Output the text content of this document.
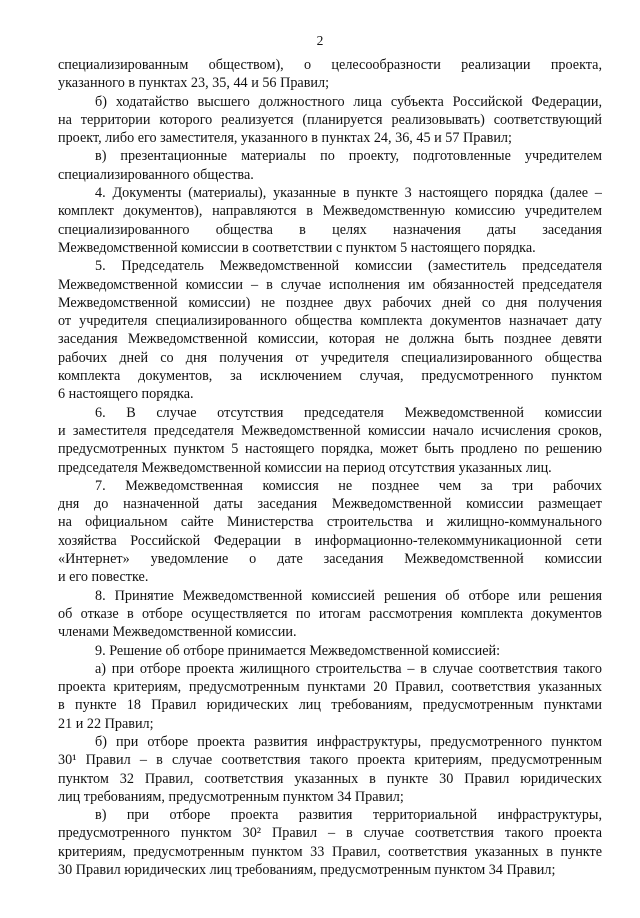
2
специализированным обществом), о целесообразности реализации проекта,
указанного в пунктах 23, 35, 44 и 56 Правил;
б) ходатайство высшего должностного лица субъекта Российской Федерации,
на территории которого реализуется (планируется реализовывать) соответствующий
проект, либо его заместителя, указанного в пунктах 24, 36, 45 и 57 Правил;
в) презентационные материалы по проекту, подготовленные учредителем
специализированного общества.
4. Документы (материалы), указанные в пункте 3 настоящего порядка (далее –
комплект документов), направляются в Межведомственную комиссию учредителем
специализированного общества в целях назначения даты заседания
Межведомственной комиссии в соответствии с пунктом 5 настоящего порядка.
5. Председатель Межведомственной комиссии (заместитель председателя
Межведомственной комиссии – в случае исполнения им обязанностей председателя
Межведомственной комиссии) не позднее двух рабочих дней со дня получения
от учредителя специализированного общества комплекта документов назначает дату
заседания Межведомственной комиссии, которая не должна быть позднее девяти
рабочих дней со дня получения от учредителя специализированного общества
комплекта документов, за исключением случая, предусмотренного пунктом
6 настоящего порядка.
6. В случае отсутствия председателя Межведомственной комиссии
и заместителя председателя Межведомственной комиссии начало исчисления сроков,
предусмотренных пунктом 5 настоящего порядка, может быть продлено по решению
председателя Межведомственной комиссии на период отсутствия указанных лиц.
7. Межведомственная комиссия не позднее чем за три рабочих
дня до назначенной даты заседания Межведомственной комиссии размещает
на официальном сайте Министерства строительства и жилищно-коммунального
хозяйства Российской Федерации в информационно-телекоммуникационной сети
«Интернет» уведомление о дате заседания Межведомственной комиссии
и его повестке.
8. Принятие Межведомственной комиссией решения об отборе или решения
об отказе в отборе осуществляется по итогам рассмотрения комплекта документов
членами Межведомственной комиссии.
9. Решение об отборе принимается Межведомственной комиссией:
а) при отборе проекта жилищного строительства – в случае соответствия такого
проекта критериям, предусмотренным пунктами 20 Правил, соответствия указанных
в пункте 18 Правил юридических лиц требованиям, предусмотренным пунктами
21 и 22 Правил;
б) при отборе проекта развития инфраструктуры, предусмотренного пунктом
30¹ Правил – в случае соответствия такого проекта критериям, предусмотренным
пунктом 32 Правил, соответствия указанных в пункте 30 Правил юридических
лиц требованиям, предусмотренным пунктом 34 Правил;
в) при отборе проекта развития территориальной инфраструктуры,
предусмотренного пунктом 30² Правил – в случае соответствия такого проекта
критериям, предусмотренным пунктом 33 Правил, соответствия указанных в пункте
30 Правил юридических лиц требованиям, предусмотренным пунктом 34 Правил;
